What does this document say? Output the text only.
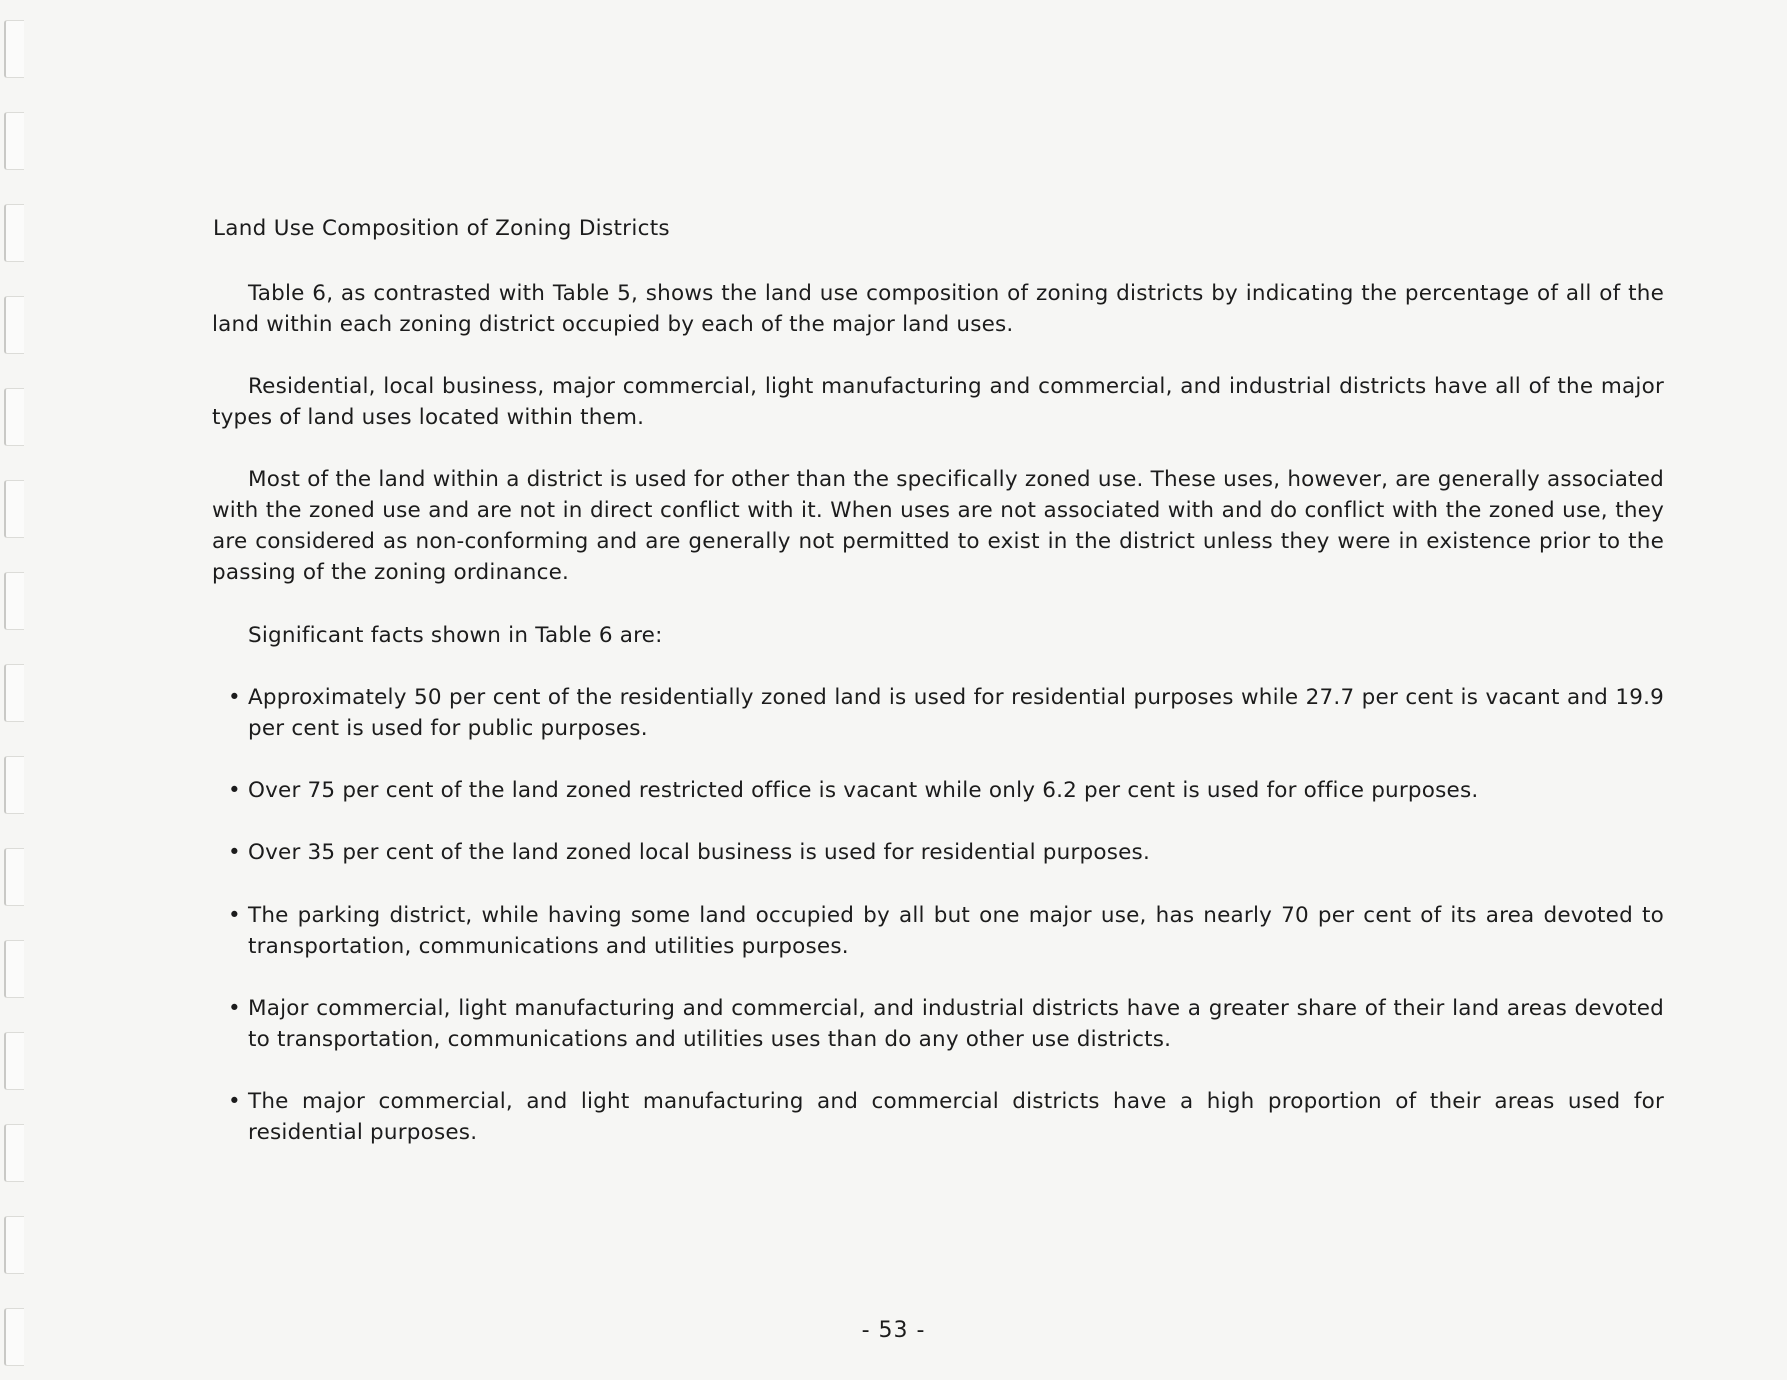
Land Use Composition of Zoning Districts

Table 6, as contrasted with Table 5, shows the land use composition of zoning districts by indicating the percentage of all of the land within each zoning district occupied by each of the major land uses.

Residential, local business, major commercial, light manufacturing and commercial, and industrial districts have all of the major types of land uses located within them.

Most of the land within a district is used for other than the specifically zoned use. These uses, however, are generally associated with the zoned use and are not in direct conflict with it. When uses are not associated with and do conflict with the zoned use, they are considered as non-conforming and are generally not permitted to exist in the district unless they were in existence prior to the passing of the zoning ordinance.

Significant facts shown in Table 6 are:

• Approximately 50 per cent of the residentially zoned land is used for residential purposes while 27.7 per cent is vacant and 19.9 per cent is used for public purposes.
• Over 75 per cent of the land zoned restricted office is vacant while only 6.2 per cent is used for office purposes.
• Over 35 per cent of the land zoned local business is used for residential purposes.
• The parking district, while having some land occupied by all but one major use, has nearly 70 per cent of its area devoted to transportation, communications and utilities purposes.
• Major commercial, light manufacturing and commercial, and industrial districts have a greater share of their land areas devoted to transportation, communications and utilities uses than do any other use districts.
• The major commercial, and light manufacturing and commercial districts have a high proportion of their areas used for residential purposes.
- 53 -
